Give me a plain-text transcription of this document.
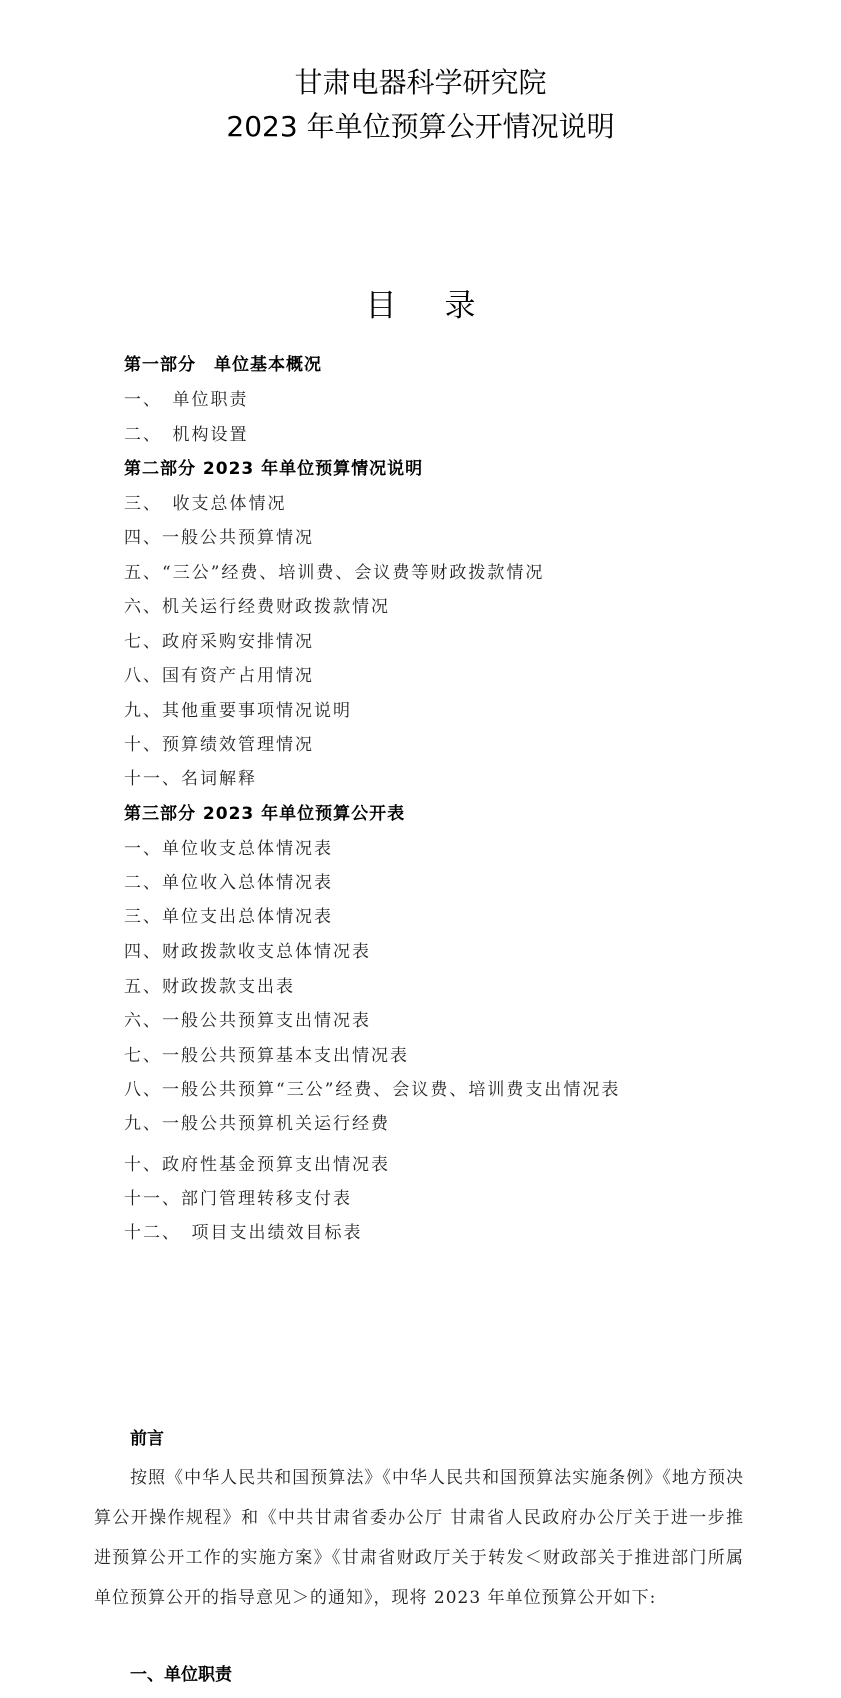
甘肃电器科学研究院
2023 年单位预算公开情况说明
目录
第一部分　单位基本概况
一、　单位职责
二、　机构设置
第二部分 2023 年单位预算情况说明
三、　收支总体情况
四、一般公共预算情况
五、“三公”经费、培训费、会议费等财政拨款情况
六、机关运行经费财政拨款情况
七、政府采购安排情况
八、国有资产占用情况
九、其他重要事项情况说明
十、预算绩效管理情况
十一、名词解释
第三部分 2023 年单位预算公开表
一、单位收支总体情况表
二、单位收入总体情况表
三、单位支出总体情况表
四、财政拨款收支总体情况表
五、财政拨款支出表
六、一般公共预算支出情况表
七、一般公共预算基本支出情况表
八、一般公共预算“三公”经费、会议费、培训费支出情况表
九、一般公共预算机关运行经费
十、政府性基金预算支出情况表
十一、部门管理转移支付表
十二、　项目支出绩效目标表
前言

按照《中华人民共和国预算法》《中华人民共和国预算法实施条例》《地方预决算公开操作规程》和《中共甘肃省委办公厅 甘肃省人民政府办公厅关于进一步推进预算公开工作的实施方案》《甘肃省财政厅关于转发＜财政部关于推进部门所属单位预算公开的指导意见＞的通知》，现将 2023 年单位预算公开如下:

一、单位职责
